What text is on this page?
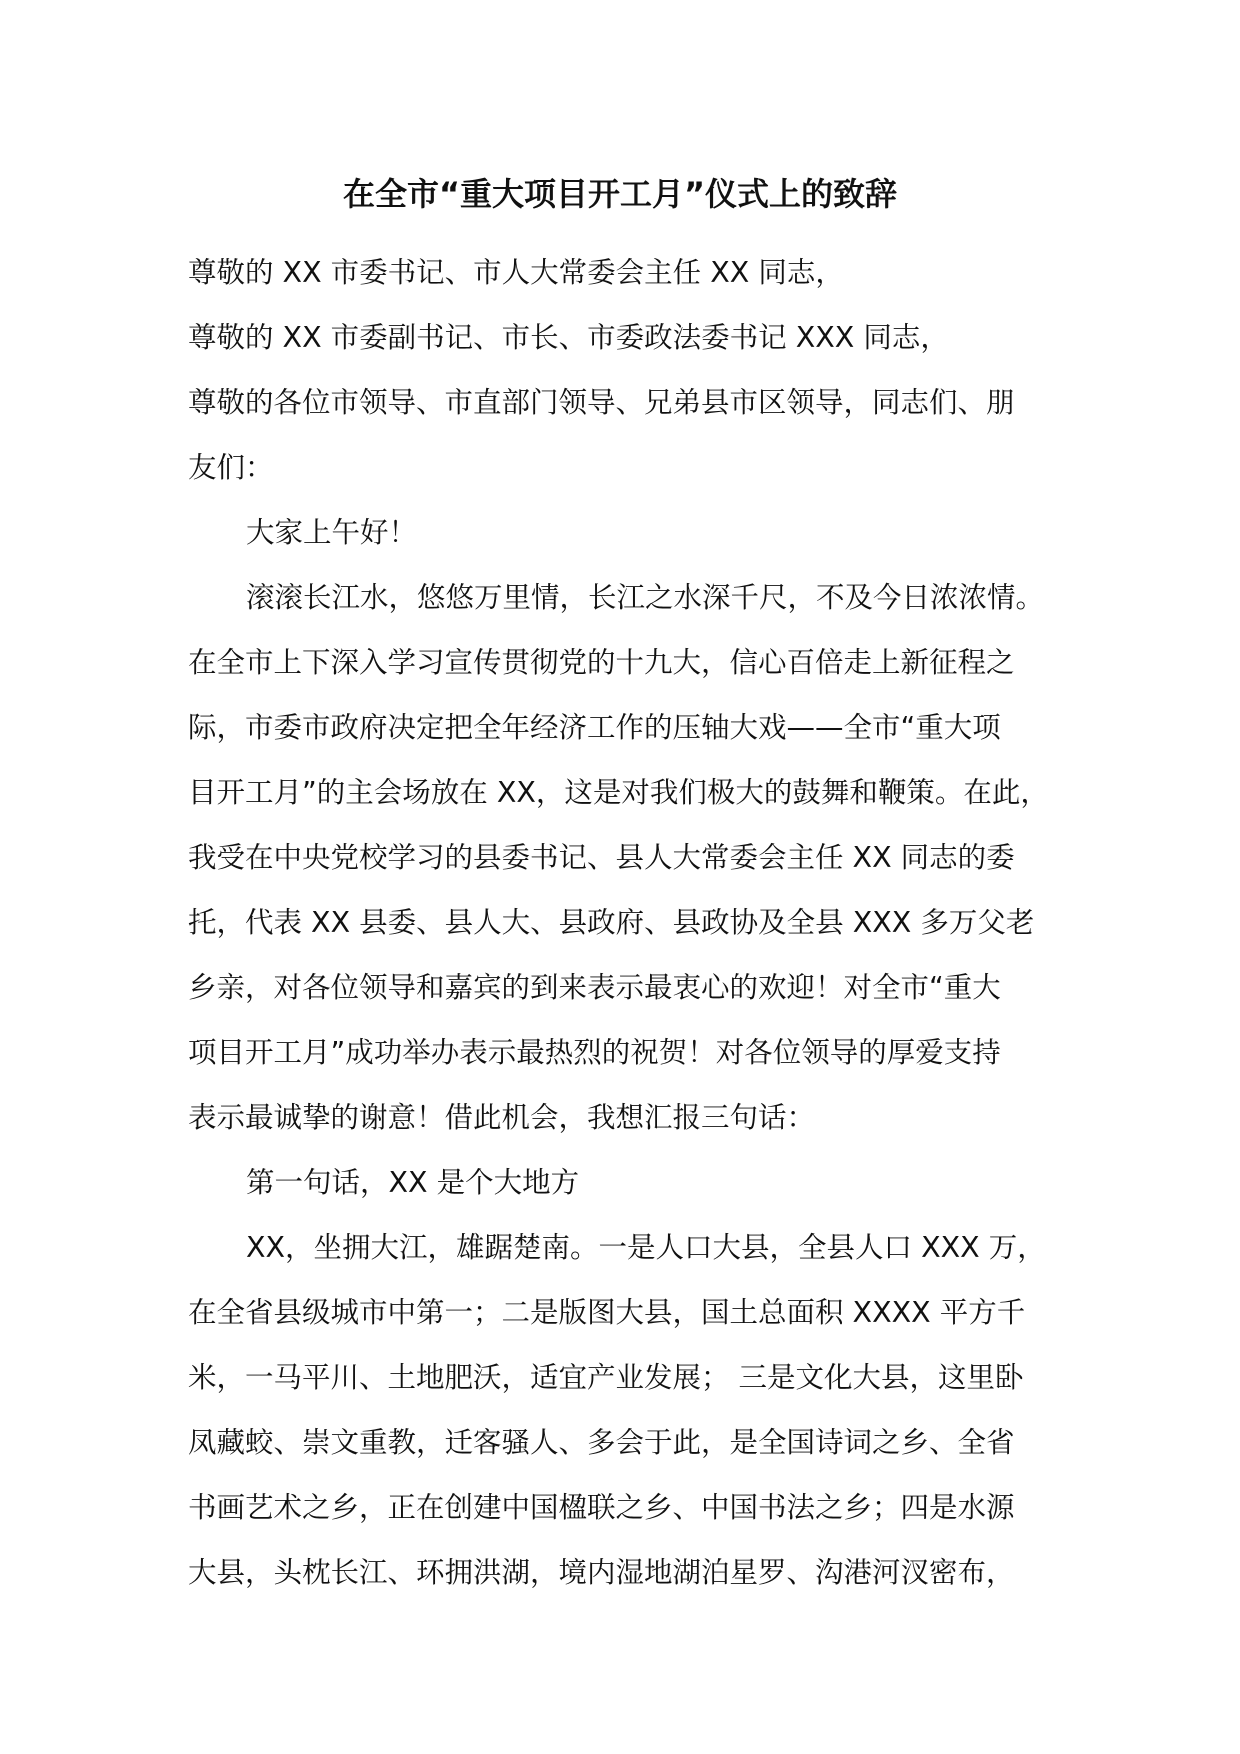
在全市“重大项目开工月”仪式上的致辞
尊敬的 XX 市委书记、市人大常委会主任 XX 同志，
尊敬的 XX 市委副书记、市长、市委政法委书记 XXX 同志，
尊敬的各位市领导、市直部门领导、兄弟县市区领导，同志们、朋
友们：
大家上午好！
滚滚长江水，悠悠万里情，长江之水深千尺，不及今日浓浓情。
在全市上下深入学习宣传贯彻党的十九大，信心百倍走上新征程之
际，市委市政府决定把全年经济工作的压轴大戏——全市“重大项
目开工月”的主会场放在 XX，这是对我们极大的鼓舞和鞭策。在此，
我受在中央党校学习的县委书记、县人大常委会主任 XX 同志的委
托，代表 XX 县委、县人大、县政府、县政协及全县 XXX 多万父老
乡亲，对各位领导和嘉宾的到来表示最衷心的欢迎！对全市“重大
项目开工月”成功举办表示最热烈的祝贺！对各位领导的厚爱支持
表示最诚挚的谢意！借此机会，我想汇报三句话：
第一句话，XX 是个大地方
XX，坐拥大江，雄踞楚南。一是人口大县，全县人口 XXX 万，
在全省县级城市中第一；二是版图大县，国土总面积 XXXX 平方千
米，一马平川、土地肥沃，适宜产业发展； 三是文化大县，这里卧
凤藏蛟、崇文重教，迁客骚人、多会于此，是全国诗词之乡、全省
书画艺术之乡，正在创建中国楹联之乡、中国书法之乡；四是水源
大县，头枕长江、环拥洪湖，境内湿地湖泊星罗、沟港河汊密布，
